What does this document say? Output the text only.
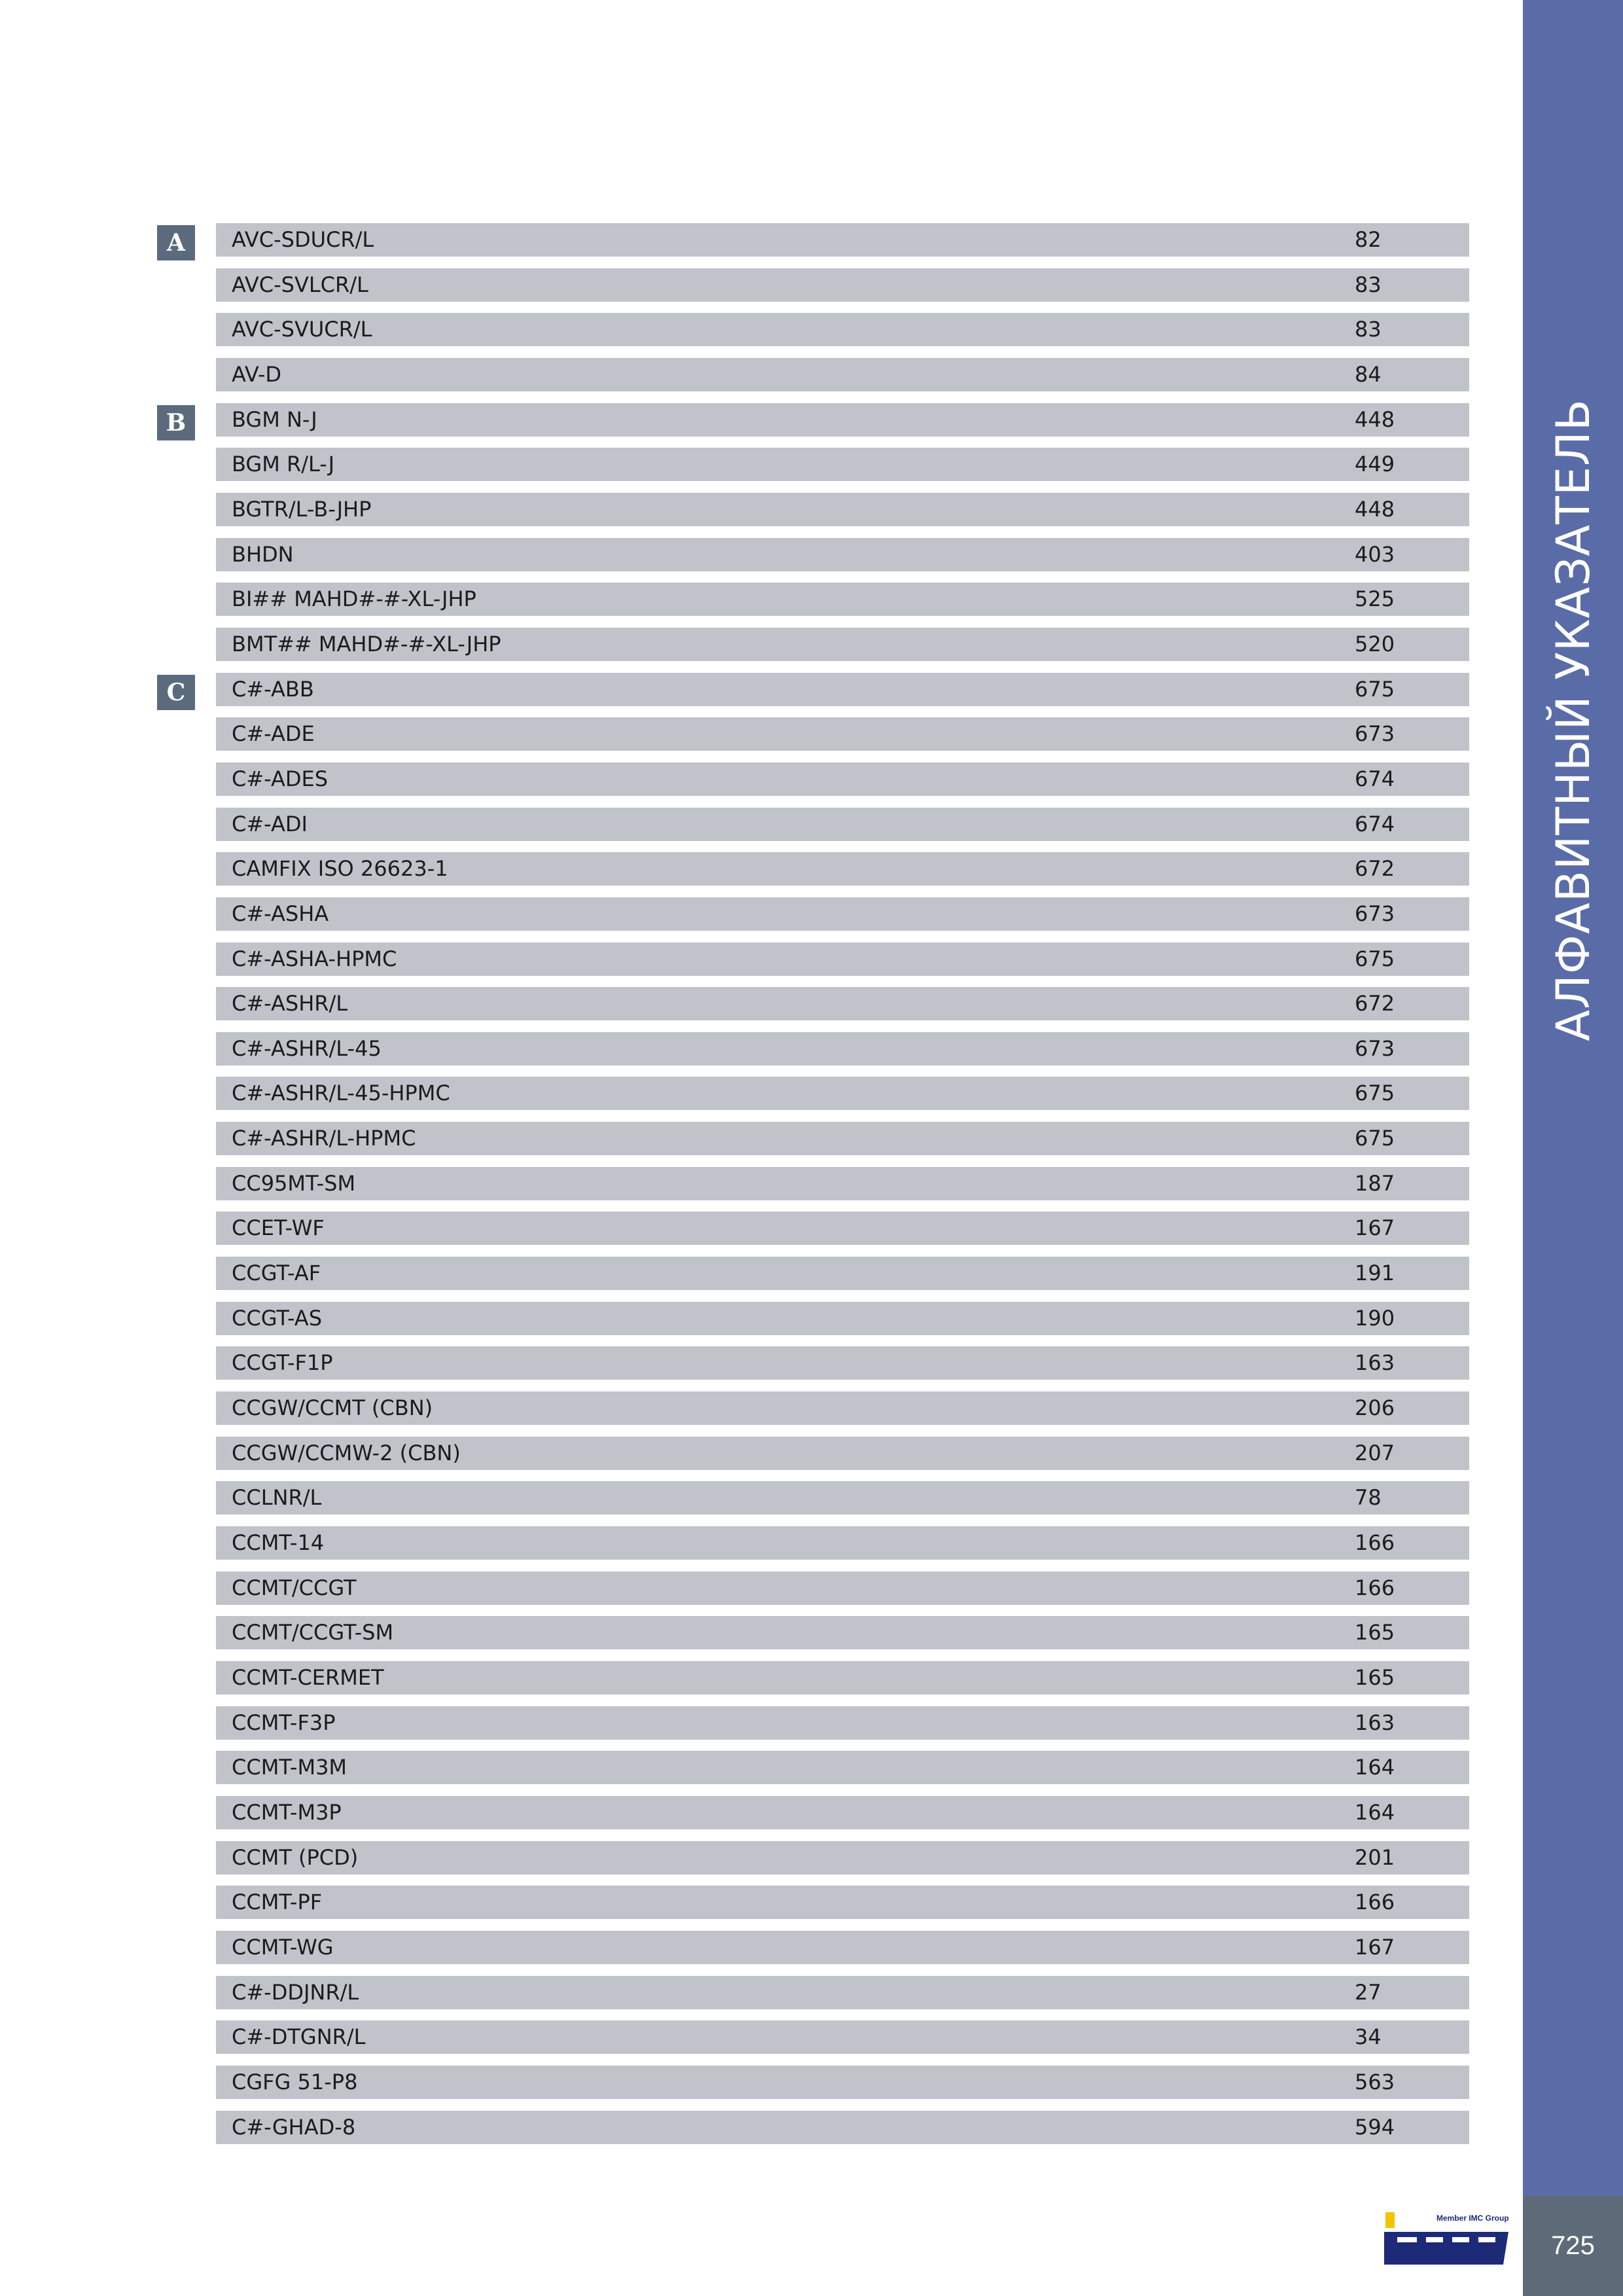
АЛФАВИТНЫЙ УКАЗАТЕЛЬ
A	AVC-SDUCR/L	82
AVC-SVLCR/L	83
AVC-SVUCR/L	83
AV-D	84
B	BGM N-J	448
BGM R/L-J	449
BGTR/L-B-JHP	448
BHDN	403
BI## MAHD#-#-XL-JHP	525
BMT## MAHD#-#-XL-JHP	520
C	C#-ABB	675
C#-ADE	673
C#-ADES	674
C#-ADI	674
CAMFIX ISO 26623-1	672
C#-ASHA	673
C#-ASHA-HPMC	675
C#-ASHR/L	672
C#-ASHR/L-45	673
C#-ASHR/L-45-HPMC	675
C#-ASHR/L-HPMC	675
CC95MT-SM	187
CCET-WF	167
CCGT-AF	191
CCGT-AS	190
CCGT-F1P	163
CCGW/CCMT (CBN)	206
CCGW/CCMW-2 (CBN)	207
CCLNR/L	78
CCMT-14	166
CCMT/CCGT	166
CCMT/CCGT-SM	165
CCMT-CERMET	165
CCMT-F3P	163
CCMT-M3M	164
CCMT-M3P	164
CCMT (PCD)	201
CCMT-PF	166
CCMT-WG	167
C#-DDJNR/L	27
C#-DTGNR/L	34
CGFG 51-P8	563
C#-GHAD-8	594
Member IMC Group
725
